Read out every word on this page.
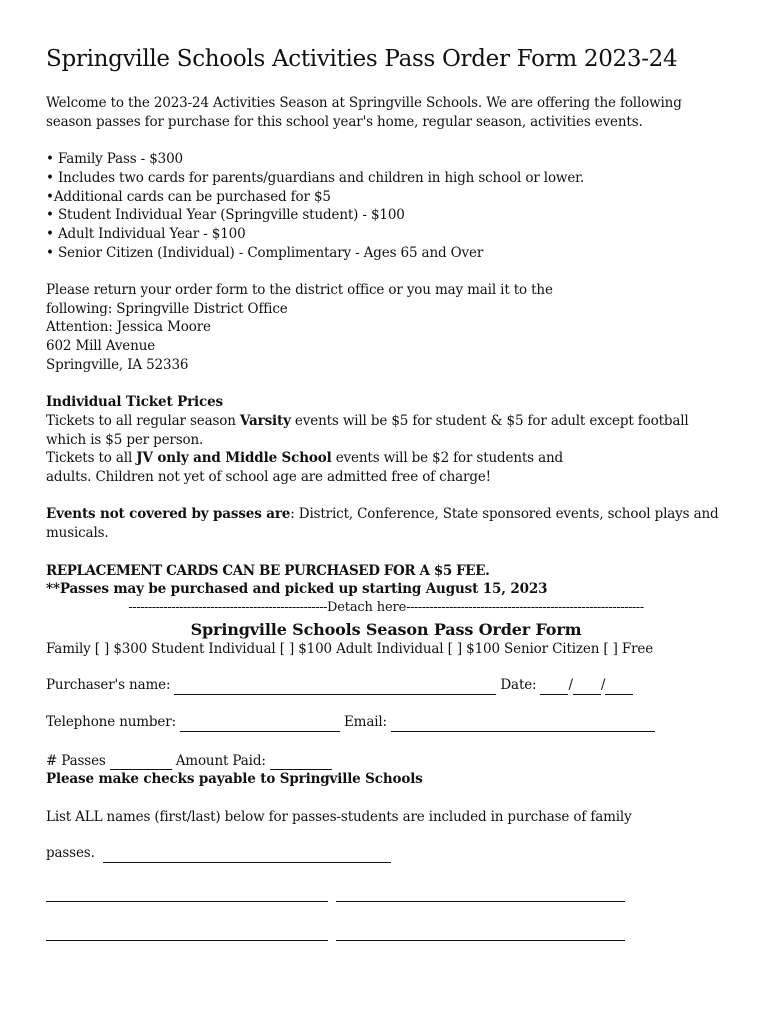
Springville Schools Activities Pass Order Form 2023-24

Welcome to the 2023-24 Activities Season at Springville Schools. We are offering the following season passes for purchase for this school year's home, regular season, activities events.

• Family Pass - $300
• Includes two cards for parents/guardians and children in high school or lower.
•Additional cards can be purchased for $5
• Student Individual Year (Springville student) - $100
• Adult Individual Year - $100
• Senior Citizen (Individual) - Complimentary - Ages 65 and Over

Please return your order form to the district office or you may mail it to the

following: Springville District Office

Attention: Jessica Moore

602 Mill Avenue

Springville, IA 52336

Individual Ticket Prices

Tickets to all regular season Varsity events will be $5 for student & $5 for adult except football which is $5 per person.

Tickets to all JV only and Middle School events will be $2 for students and

adults. Children not yet of school age are admitted free of charge!

Events not covered by passes are: District, Conference, State sponsored events, school plays and musicals.

REPLACEMENT CARDS CAN BE PURCHASED FOR A $5 FEE.

**Passes may be purchased and picked up starting August 15, 2023

---------------------------------------------------Detach here-------------------------------------------------------------
Springville Schools Season Pass Order Form

Family [ ] $300 Student Individual [ ] $100 Adult Individual [ ] $100 Senior Citizen [ ] Free

Purchaser's name:	Date: / /
Telephone number:	Email:
# Passes	Amount Paid:

Please make checks payable to Springville Schools

List ALL names (first/last) below for passes-students are included in purchase of family

passes.
